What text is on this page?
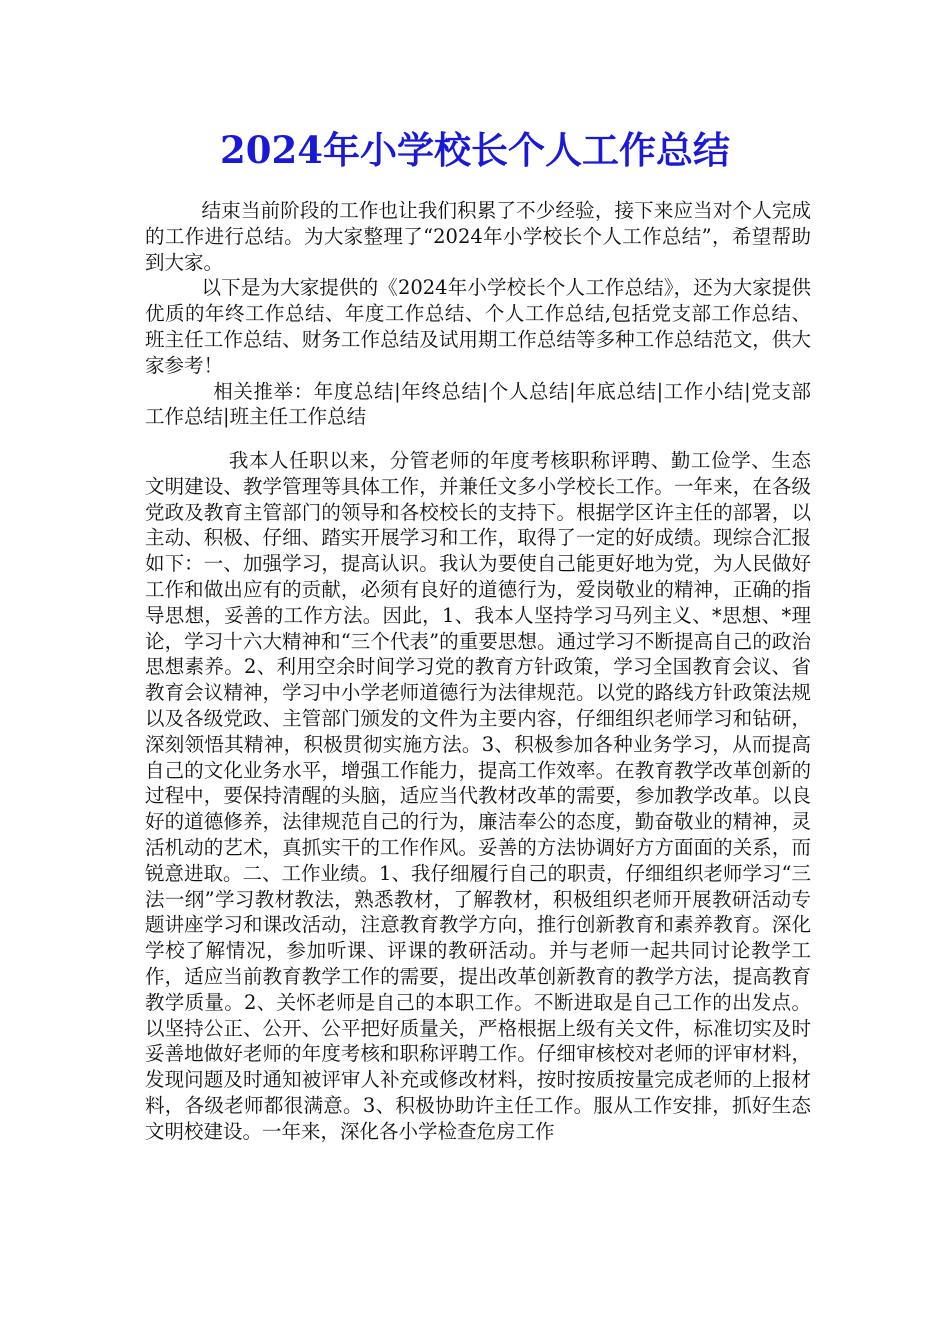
2024年小学校长个人工作总结

结束当前阶段的工作也让我们积累了不少经验，接下来应当对个人完成的工作进行总结。为大家整理了“2024年小学校长个人工作总结”，希望帮助到大家。

以下是为大家提供的《2024年小学校长个人工作总结》，还为大家提供优质的年终工作总结、年度工作总结、个人工作总结,包括党支部工作总结、班主任工作总结、财务工作总结及试用期工作总结等多种工作总结范文，供大家参考！

相关推举：年度总结|年终总结|个人总结|年底总结|工作小结|党支部工作总结|班主任工作总结

我本人任职以来，分管老师的年度考核职称评聘、勤工俭学、生态文明建设、教学管理等具体工作，并兼任文多小学校长工作。一年来，在各级党政及教育主管部门的领导和各校校长的支持下。根据学区许主任的部署，以主动、积极、仔细、踏实开展学习和工作，取得了一定的好成绩。现综合汇报如下：一、加强学习，提高认识。我认为要使自己能更好地为党，为人民做好工作和做出应有的贡献，必须有良好的道德行为，爱岗敬业的精神，正确的指导思想，妥善的工作方法。因此，1、我本人坚持学习马列主义、*思想、*理论，学习十六大精神和“三个代表”的重要思想。通过学习不断提高自己的政治思想素养。2、利用空余时间学习党的教育方针政策，学习全国教育会议、省教育会议精神，学习中小学老师道德行为法律规范。以党的路线方针政策法规以及各级党政、主管部门颁发的文件为主要内容，仔细组织老师学习和钻研，深刻领悟其精神，积极贯彻实施方法。3、积极参加各种业务学习，从而提高自己的文化业务水平，增强工作能力，提高工作效率。在教育教学改革创新的过程中，要保持清醒的头脑，适应当代教材改革的需要，参加教学改革。以良好的道德修养，法律规范自己的行为，廉洁奉公的态度，勤奋敬业的精神，灵活机动的艺术，真抓实干的工作作风。妥善的方法协调好方方面面的关系，而锐意进取。二、工作业绩。1、我仔细履行自己的职责，仔细组织老师学习“三法一纲”学习教材教法，熟悉教材，了解教材，积极组织老师开展教研活动专题讲座学习和课改活动，注意教育教学方向，推行创新教育和素养教育。深化学校了解情况，参加听课、评课的教研活动。并与老师一起共同讨论教学工作，适应当前教育教学工作的需要，提出改革创新教育的教学方法，提高教育教学质量。2、关怀老师是自己的本职工作。不断进取是自己工作的出发点。以坚持公正、公开、公平把好质量关，严格根据上级有关文件，标准切实及时妥善地做好老师的年度考核和职称评聘工作。仔细审核校对老师的评审材料，发现问题及时通知被评审人补充或修改材料，按时按质按量完成老师的上报材料，各级老师都很满意。3、积极协助许主任工作。服从工作安排，抓好生态文明校建设。一年来，深化各小学检查危房工作
